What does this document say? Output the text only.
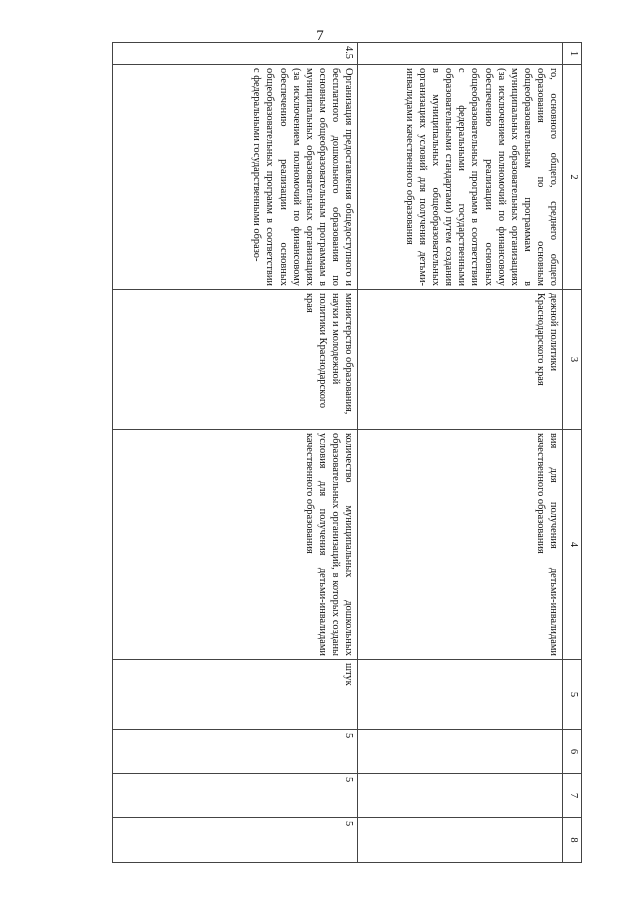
7
1	2	3	4	5	6	7	8
	го, основного общего, среднего общего образования по основным общеобразовательным программам в муниципальных образовательных организациях (за исключением полномочий по финансовому обеспечению реализации основных общеобразовательных программ в соответствии с федеральными государственными образовательными стандартами) путем создания в муниципальных общеобразовательных организациях условий для получения детьми-инвалидами качественного образования	дежной политики Краснодарского края	вия для получения детьми-инвалидами качественного образования				
4.5	Организация предоставления общедоступного и бесплатного дошкольного образования по основным общеобразовательным программам в муниципальных образовательных организациях (за исключением полномочий по финансовому обеспечению реализации основных общеобразовательных программ в соответствии с федеральными государственными образо-	министерство образования, науки и молодежной политики Краснодарского края	количество муниципальных дошкольных образовательных организаций, в которых созданы условия для получения детьми-инвалидами качественного образования	штук	5	5	5
